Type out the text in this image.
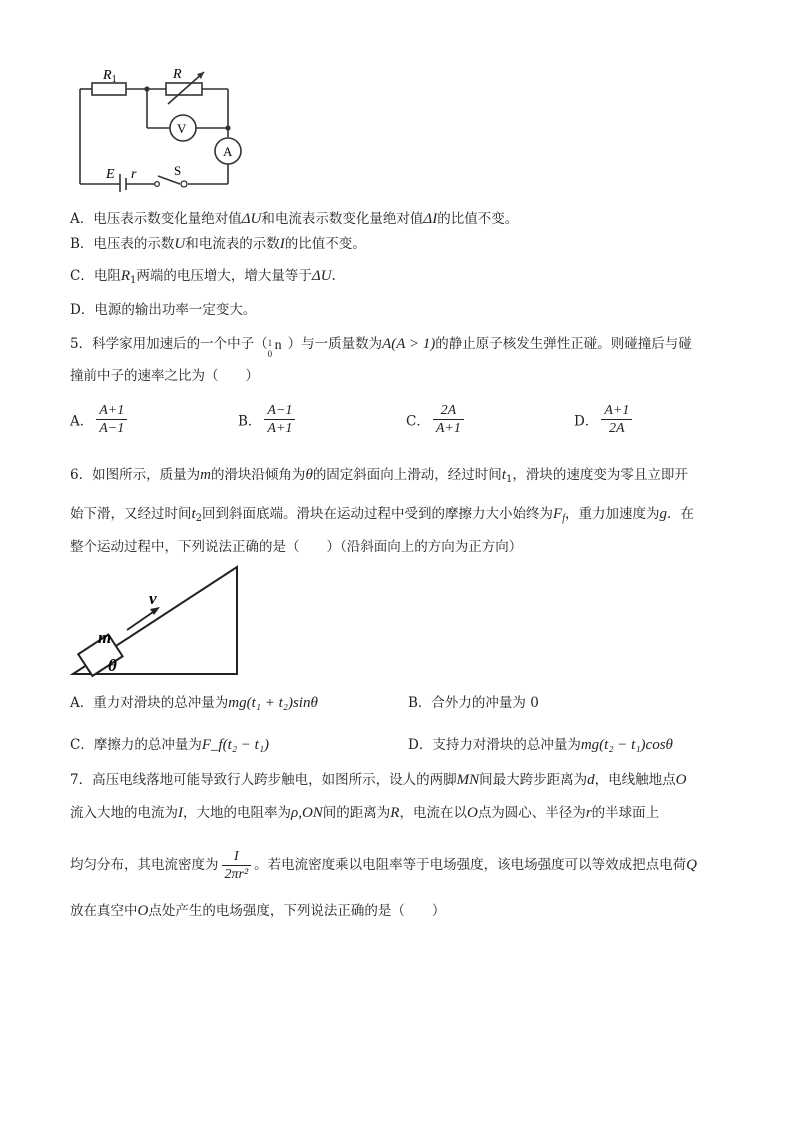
$R_1$	R
V
A
E r	S
A．电压表示数变化量绝对值ΔU和电流表示数变化量绝对值ΔI的比值不变。
B．电压表的示数U和电流表的示数I的比值不变。
C．电阻$R_1$两端的电压增大，增大量等于ΔU.
D．电源的输出功率一定变大。
5．科学家用加速后的一个中子（ 1
0
n ）与一质量数为A(A > 1)的静止原子核发生弹性正碰。则碰撞后与碰
撞前中子的速率之比为（　　）
A． $\frac{A+1}{A-1}$	B． $\frac{A-1}{A+1}$	C． $\frac{2A}{A+1}$	D． $\frac{A+1}{2A}$
6．如图所示，质量为m的滑块沿倾角为θ的固定斜面向上滑动，经过时间$t_1$，滑块的速度变为零且立即开
始下滑，又经过时间$t_2$回到斜面底端。滑块在运动过程中受到的摩擦力大小始终为$F_f$，重力加速度为g．在
整个运动过程中，下列说法正确的是（　　）（沿斜面向上的方向为正方向）
v
m
θ
A．重力对滑块的总冲量为mg(t₁ + t₂)sinθ	B．合外力的冲量为 0
C．摩擦力的总冲量为F_f(t₂ − t₁)	D．支持力对滑块的总冲量为mg(t₂ − t₁)cosθ
7．高压电线落地可能导致行人跨步触电，如图所示，设人的两脚MN间最大跨步距离为d，电线触地点O
流入大地的电流为I，大地的电阻率为ρ,ON间的距离为R，电流在以O点为圆心、半径为r的半球面上
均匀分布，其电流密度为 $\frac{I}{\text{2πr²}}$ 。若电流密度乘以电阻率等于电场强度，该电场强度可以等效成把点电荷Q
放在真空中O点处产生的电场强度，下列说法正确的是（　　）
